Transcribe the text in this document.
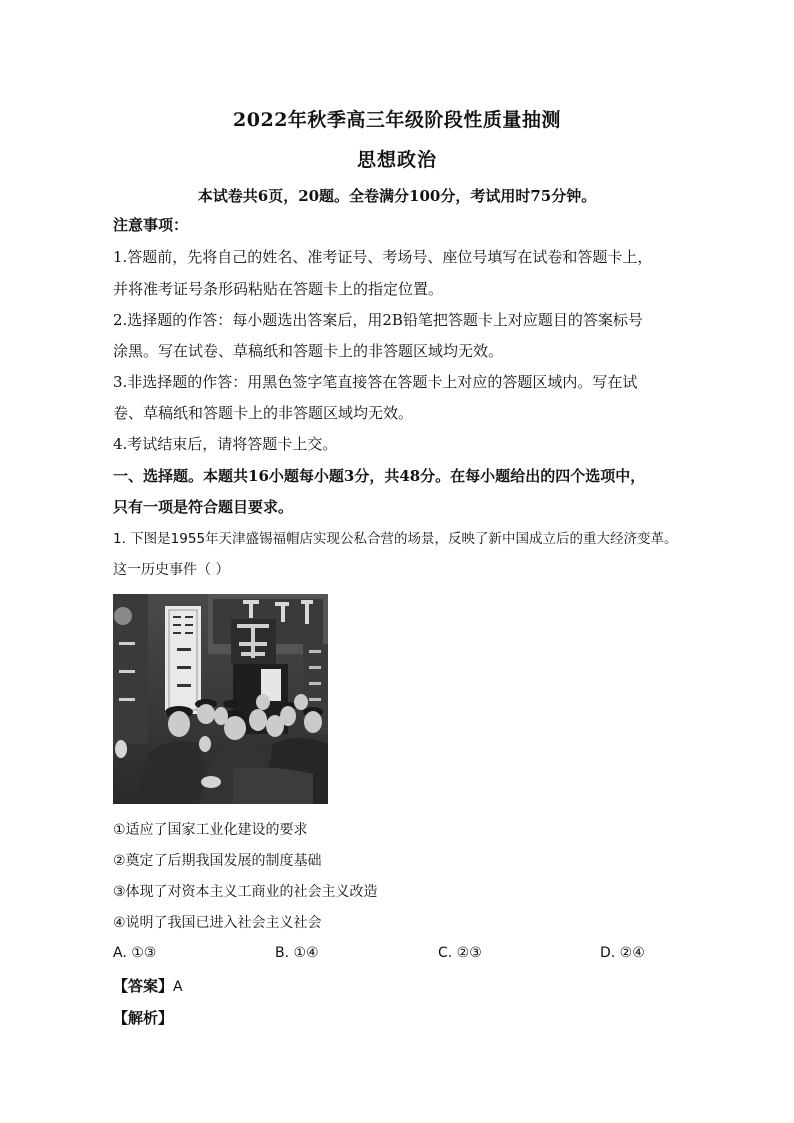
2022年秋季高三年级阶段性质量抽测
思想政治
本试卷共6页，20题。全卷满分100分，考试用时75分钟。
注意事项：
1.答题前，先将自己的姓名、准考证号、考场号、座位号填写在试卷和答题卡上，
并将准考证号条形码粘贴在答题卡上的指定位置。
2.选择题的作答：每小题选出答案后，用2B铅笔把答题卡上对应题目的答案标号
涂黑。写在试卷、草稿纸和答题卡上的非答题区域均无效。
3.非选择题的作答：用黑色签字笔直接答在答题卡上对应的答题区域内。写在试
卷、草稿纸和答题卡上的非答题区域均无效。
4.考试结束后，请将答题卡上交。
一、选择题。本题共16小题每小题3分，共48分。在每小题给出的四个选项中，
只有一项是符合题目要求。
1. 下图是1955年天津盛锡福帽店实现公私合营的场景，反映了新中国成立后的重大经济变革。
这一历史事件（ ）
①适应了国家工业化建设的要求
②奠定了后期我国发展的制度基础
③体现了对资本主义工商业的社会主义改造
④说明了我国已进入社会主义社会
A. ①③	B. ①④	C. ②③	D. ②④
【答案】A
【解析】
